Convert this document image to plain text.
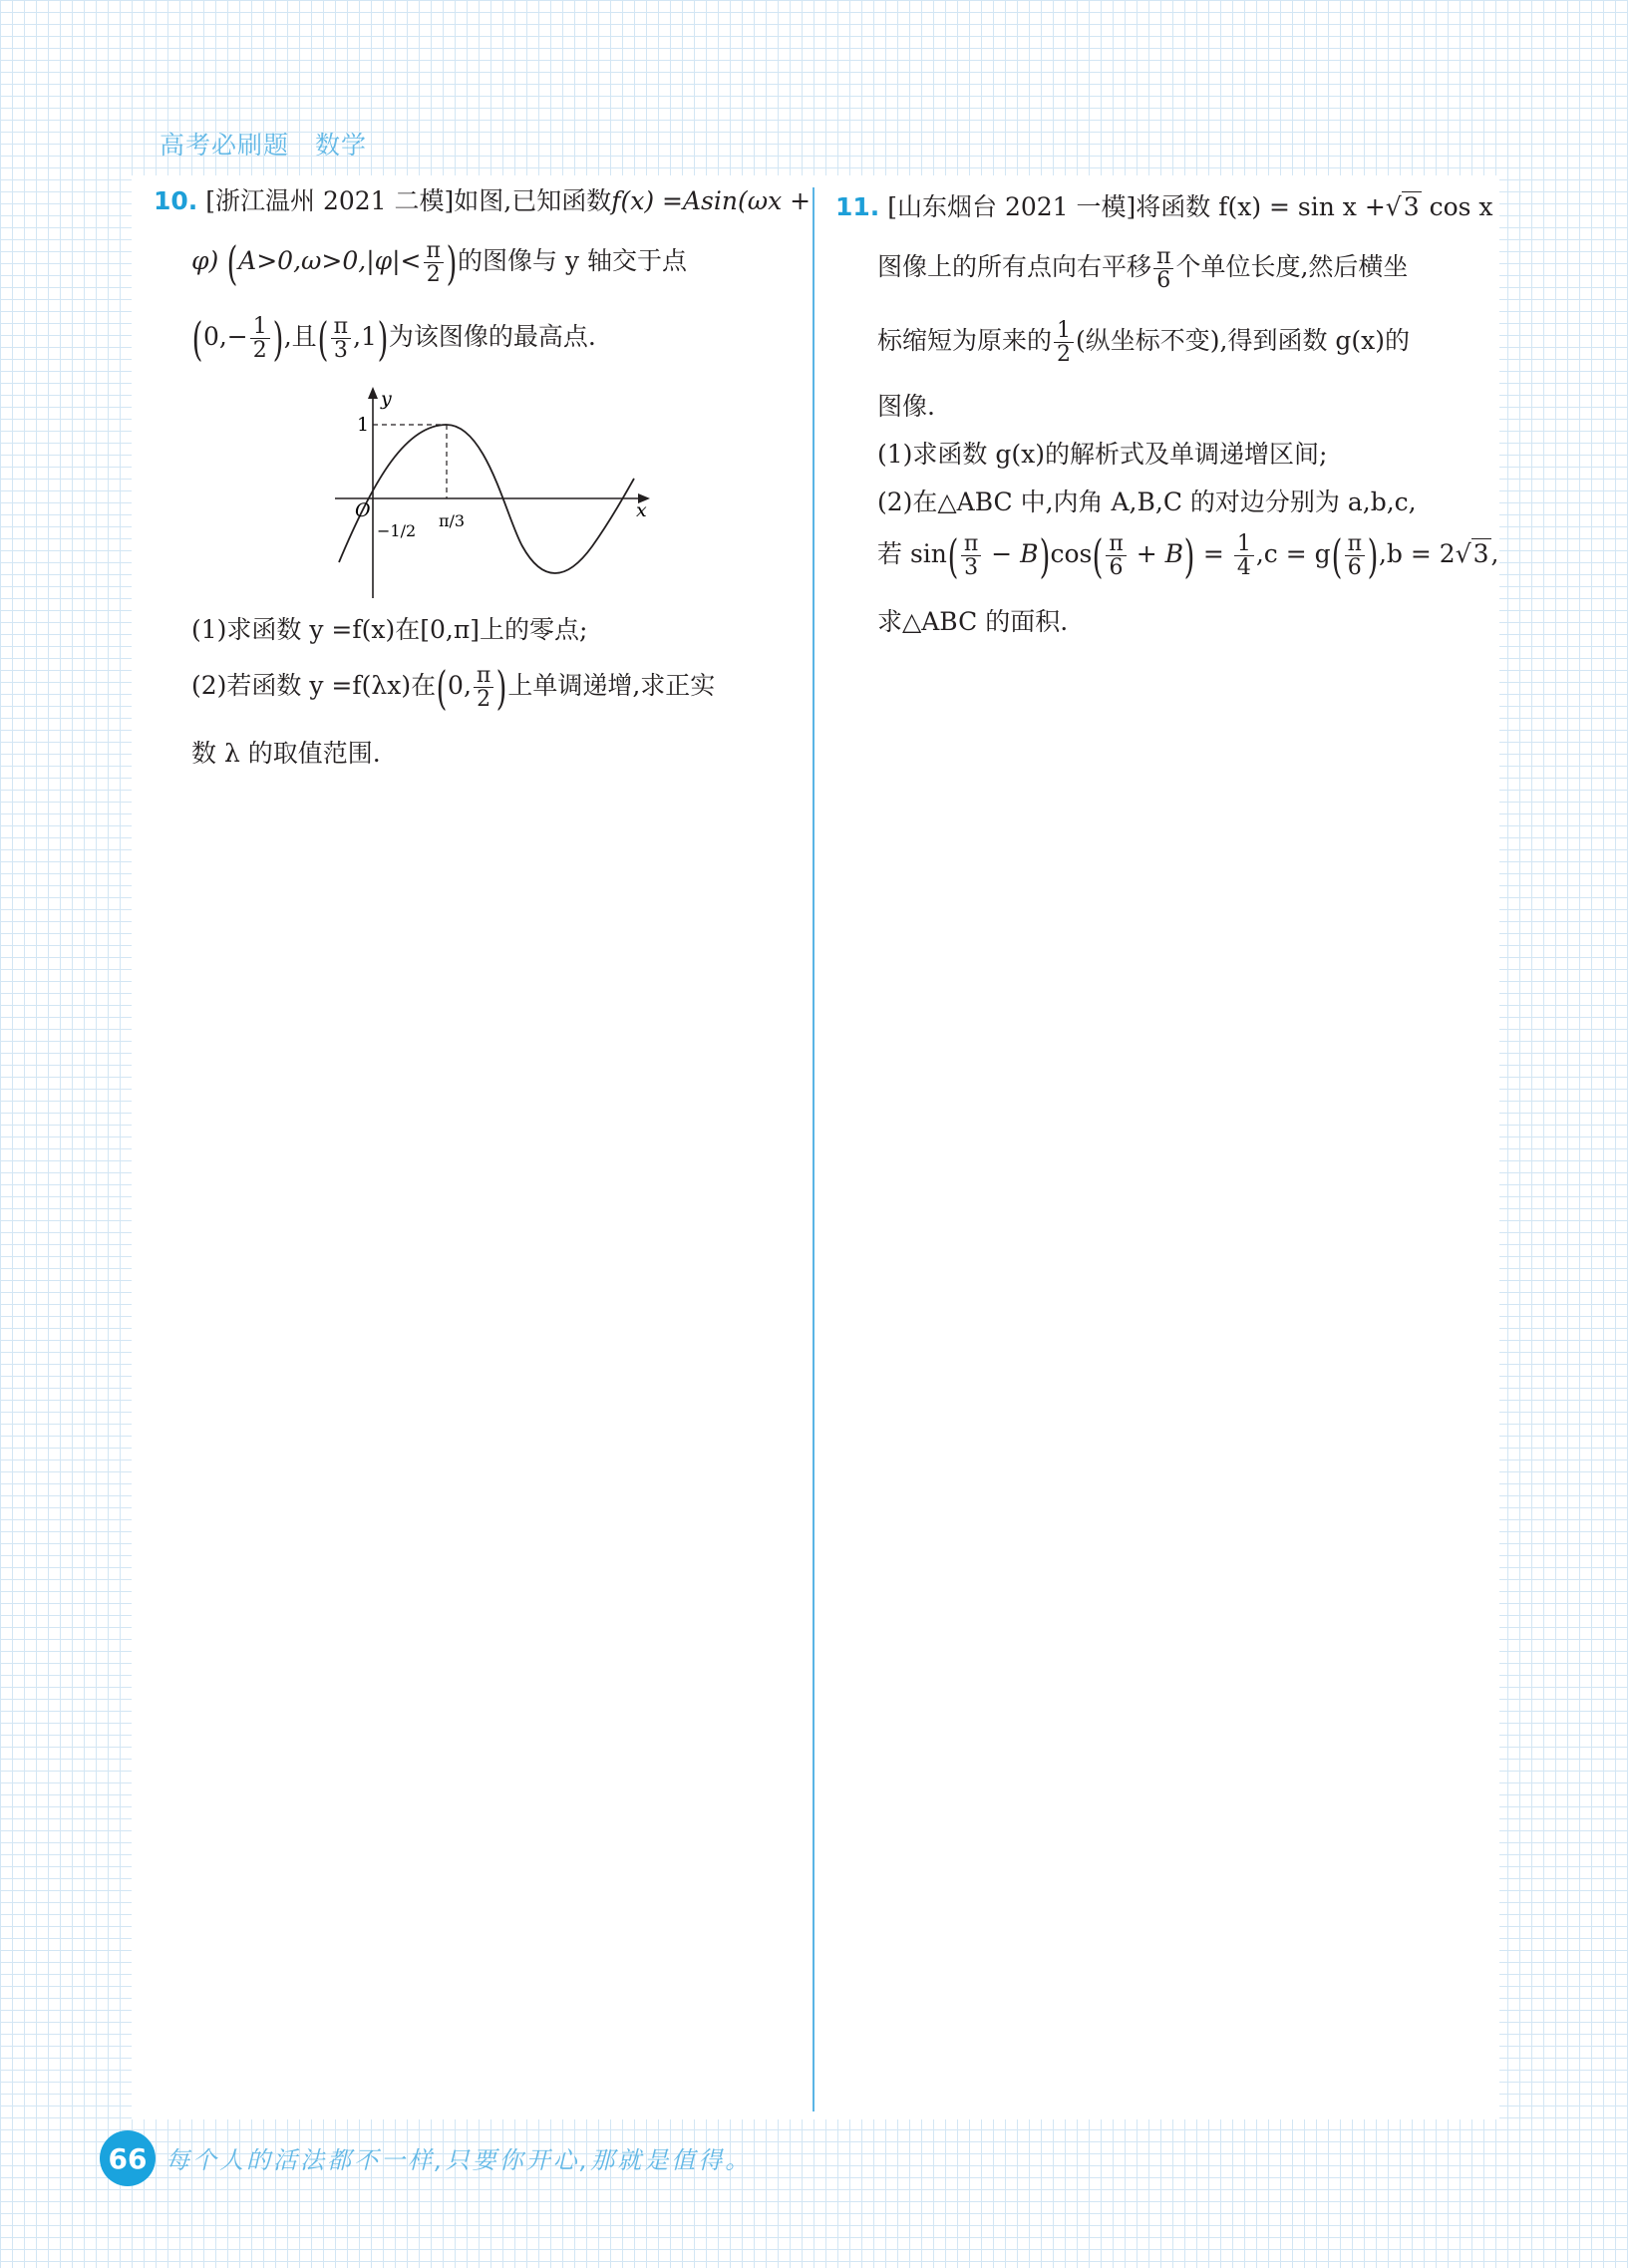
高考必刷题 数学
10. [浙江温州 2021 二模]如图,已知函数f(x) =Asin(ωx +
φ) ($A>0,\omega>0,|\varphi|< \frac{\pi}{2}$ )的图像与 y 轴交于点
($0,- \frac{1}{2}$ ),且( $\frac{\pi}{3} ,1$)为该图像的最高点.
(1)求函数 y =f(x)在[0,π]上的零点;
(2)若函数 y =f(λx)在(0, $\frac{\pi}{2}$ )上单调递增,求正实
数 λ 的取值范围.
y
x
O
1
−1/2
π/3
11. [山东烟台 2021 一模]将函数 f(x) = sin x +√3 cos x
图像上的所有点向右平移 $\frac{\pi}{6}$ 个单位长度,然后横坐
标缩短为原来的 $\frac{1}{2}$ (纵坐标不变),得到函数 g(x)的
图像.
(1)求函数 g(x)的解析式及单调递增区间;
(2)在△ABC 中,内角 A,B,C 的对边分别为 a,b,c,
若 $\sin( \frac{\pi}{3} - B)\cos( \frac{\pi}{6} + B) = \frac{1}{4} ,c = g( \frac{\pi}{6} ),b = 2√3$,
求△ABC 的面积.
66 每个人的活法都不一样,只要你开心,那就是值得。
